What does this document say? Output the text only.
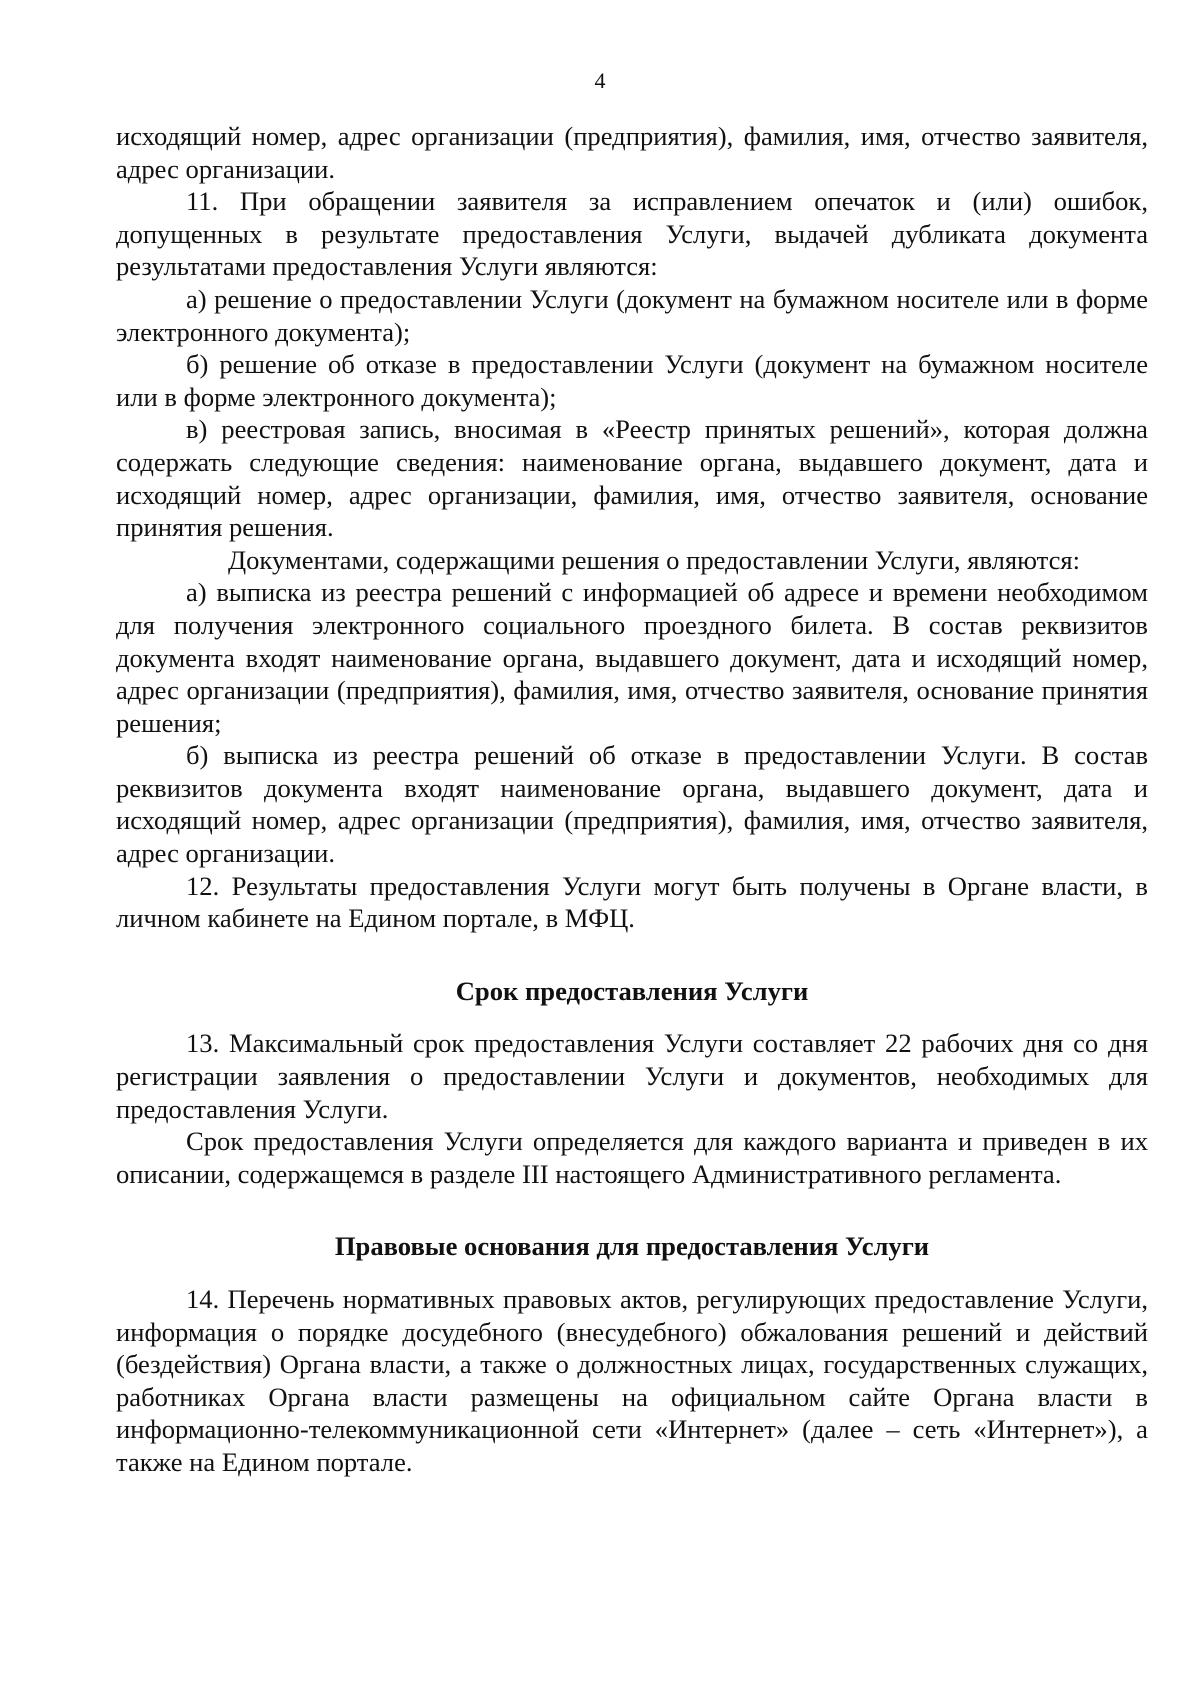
4

исходящий номер, адрес организации (предприятия), фамилия, имя, отчество заявителя, адрес организации.

11. При обращении заявителя за исправлением опечаток и (или) ошибок, допущенных в результате предоставления Услуги, выдачей дубликата документа результатами предоставления Услуги являются:

а) решение о предоставлении Услуги (документ на бумажном носителе или в форме электронного документа);

б) решение об отказе в предоставлении Услуги (документ на бумажном носителе или в форме электронного документа);

в) реестровая запись, вносимая в «Реестр принятых решений», которая должна содержать следующие сведения: наименование органа, выдавшего документ, дата и исходящий номер, адрес организации, фамилия, имя, отчество заявителя, основание принятия решения.

Документами, содержащими решения о предоставлении Услуги, являются:

а) выписка из реестра решений с информацией об адресе и времени необходимом для получения электронного социального проездного билета. В состав реквизитов документа входят наименование органа, выдавшего документ, дата и исходящий номер, адрес организации (предприятия), фамилия, имя, отчество заявителя, основание принятия решения;

б) выписка из реестра решений об отказе в предоставлении Услуги. В состав реквизитов документа входят наименование органа, выдавшего документ, дата и исходящий номер, адрес организации (предприятия), фамилия, имя, отчество заявителя, адрес организации.

12. Результаты предоставления Услуги могут быть получены в Органе власти, в личном кабинете на Едином портале, в МФЦ.

Срок предоставления Услуги

13. Максимальный срок предоставления Услуги составляет 22 рабочих дня со дня регистрации заявления о предоставлении Услуги и документов, необходимых для предоставления Услуги.

Срок предоставления Услуги определяется для каждого варианта и приведен в их описании, содержащемся в разделе III настоящего Административного регламента.

Правовые основания для предоставления Услуги

14. Перечень нормативных правовых актов, регулирующих предоставление Услуги, информация о порядке досудебного (внесудебного) обжалования решений и действий (бездействия) Органа власти, а также о должностных лицах, государственных служащих, работниках Органа власти размещены на официальном сайте Органа власти в информационно-телекоммуникационной сети «Интернет» (далее – сеть «Интернет»), а также на Едином портале.
